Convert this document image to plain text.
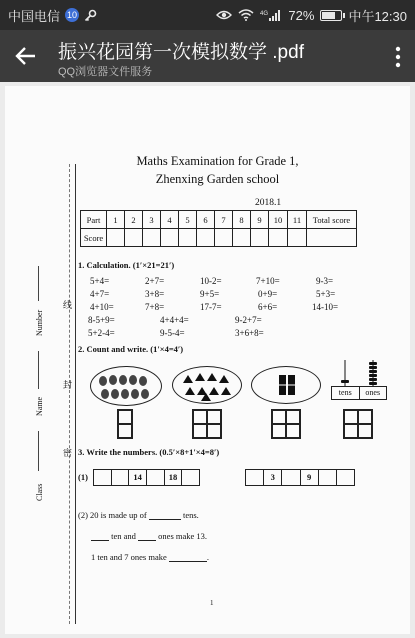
中国电信 10	4G 72%	中午12:30
振兴花园第一次模拟数学 .pdf
QQ浏览器文件服务
Number
Name
Class
线
封
密
Maths Examination for Grade 1,
Zhenxing Garden school
2018.1
Part	1	2	3	4	5	6	7	8	9	10	11	Total score
Score												
1. Calculation. (1′×21=21′)
5+4=	2+7=	10-2=	7+10=	9-3=
4+7=	3+8=	9+5=	0+9=	5+3=
4+10=	7+8=	17-7=	6+6=	14-10=
8-5+9=	4+4+4=	9-2+7=
5+2-4=	9-5-4=	3+6+8=
2. Count and write. (1′×4=4′)
tens	ones
3. Write the numbers. (0.5′×8+1′×4=8′)
(1)	14	18	3	9
(2) 20 is made up of	tens.
ten and	ones make 13.
1 ten and 7 ones make	.
1
